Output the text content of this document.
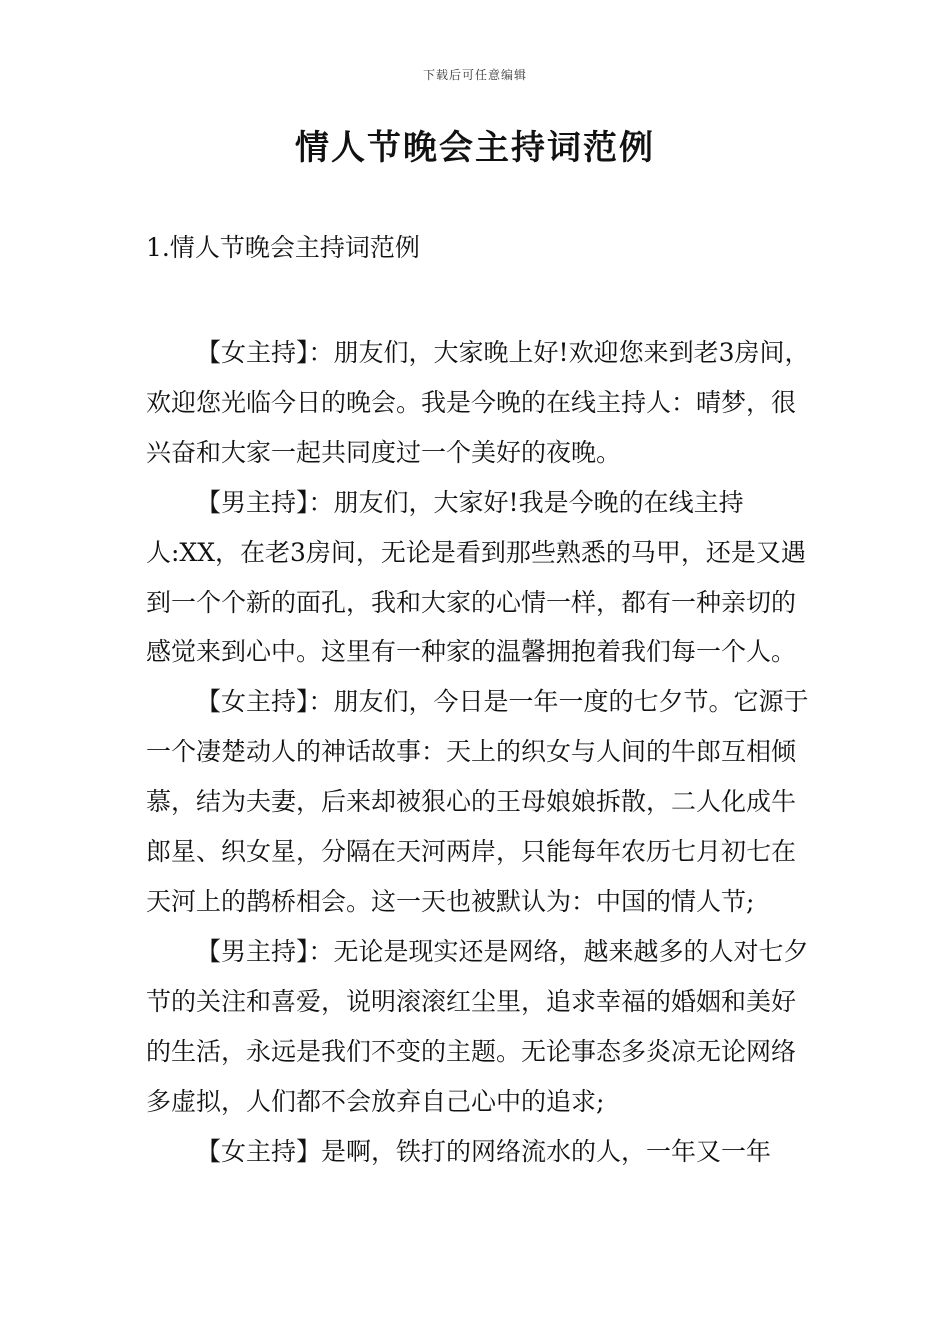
下载后可任意编辑
情人节晚会主持词范例
1.情人节晚会主持词范例

【女主持】：朋友们，大家晚上好!欢迎您来到老3房间，欢迎您光临今日的晚会。我是今晚的在线主持人：晴梦，很兴奋和大家一起共同度过一个美好的夜晚。

【男主持】：朋友们，大家好!我是今晚的在线主持人:XX，在老3房间，无论是看到那些熟悉的马甲，还是又遇到一个个新的面孔，我和大家的心情一样，都有一种亲切的感觉来到心中。这里有一种家的温馨拥抱着我们每一个人。

【女主持】：朋友们，今日是一年一度的七夕节。它源于一个凄楚动人的神话故事：天上的织女与人间的牛郎互相倾慕，结为夫妻，后来却被狠心的王母娘娘拆散，二人化成牛郎星、织女星，分隔在天河两岸，只能每年农历七月初七在天河上的鹊桥相会。这一天也被默认为：中国的情人节;

【男主持】：无论是现实还是网络，越来越多的人对七夕节的关注和喜爱，说明滚滚红尘里，追求幸福的婚姻和美好的生活，永远是我们不变的主题。无论事态多炎凉无论网络多虚拟，人们都不会放弃自己心中的追求;

【女主持】是啊，铁打的网络流水的人，一年又一年
